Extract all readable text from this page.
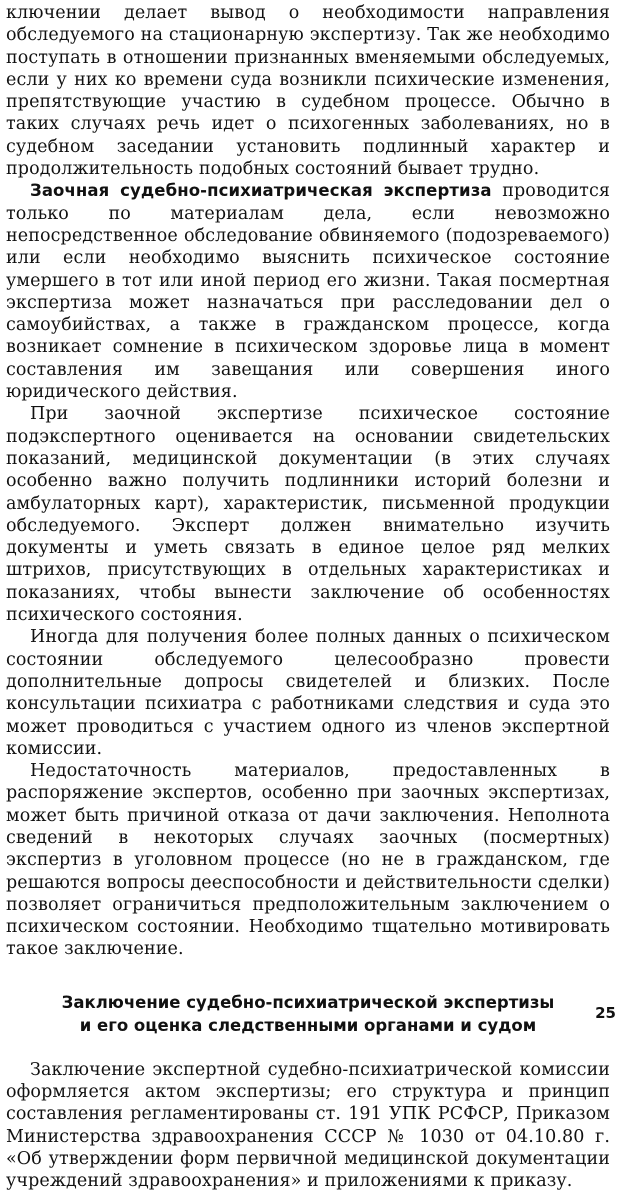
ключении делает вывод о необходимости направления обследуемого на стационарную экспертизу. Так же необходимо поступать в отношении признанных вменяемыми обследуемых, если у них ко времени суда возникли психические изменения, препятствующие участию в судебном процессе. Обычно в таких случаях речь идет о психогенных заболеваниях, но в судебном заседании установить подлинный характер и продолжительность подобных состояний бывает трудно.

Заочная судебно-психиатрическая экспертиза проводится только по материалам дела, если невозможно непосредственное обследование обвиняемого (подозреваемого) или если необходимо выяснить психическое состояние умершего в тот или иной период его жизни. Такая посмертная экспертиза может назначаться при расследовании дел о самоубийствах, а также в гражданском процессе, когда возникает сомнение в психическом здоровье лица в момент составления им завещания или совершения иного юридического действия.

При заочной экспертизе психическое состояние подэкспертного оценивается на основании свидетельских показаний, медицинской документации (в этих случаях особенно важно получить подлинники историй болезни и амбулаторных карт), характеристик, письменной продукции обследуемого. Эксперт должен внимательно изучить документы и уметь связать в единое целое ряд мелких штрихов, присутствующих в отдельных характеристиках и показаниях, чтобы вынести заключение об особенностях психического состояния.

Иногда для получения более полных данных о психическом состоянии обследуемого целесообразно провести дополнительные допросы свидетелей и близких. После консультации психиатра с работниками следствия и суда это может проводиться с участием одного из членов экспертной комиссии.

Недостаточность материалов, предоставленных в распоряжение экспертов, особенно при заочных экспертизах, может быть причиной отказа от дачи заключения. Неполнота сведений в некоторых случаях заочных (посмертных) экспертиз в уголовном процессе (но не в гражданском, где решаются вопросы дееспособности и действительности сделки) позволяет ограничиться предположительным заключением о психическом состоянии. Необходимо тщательно мотивировать такое заключение.

Заключение судебно-психиатрической экспертизы

и его оценка следственными органами и судом

Заключение экспертной судебно-психиатрической комиссии оформляется актом экспертизы; его структура и принцип составления регламентированы ст. 191 УПК РСФСР, Приказом Министерства здравоохранения СССР № 1030 от 04.10.80 г. «Об утверждении форм первичной медицинской документации учреждений здравоохранения» и приложениями к приказу.

25
